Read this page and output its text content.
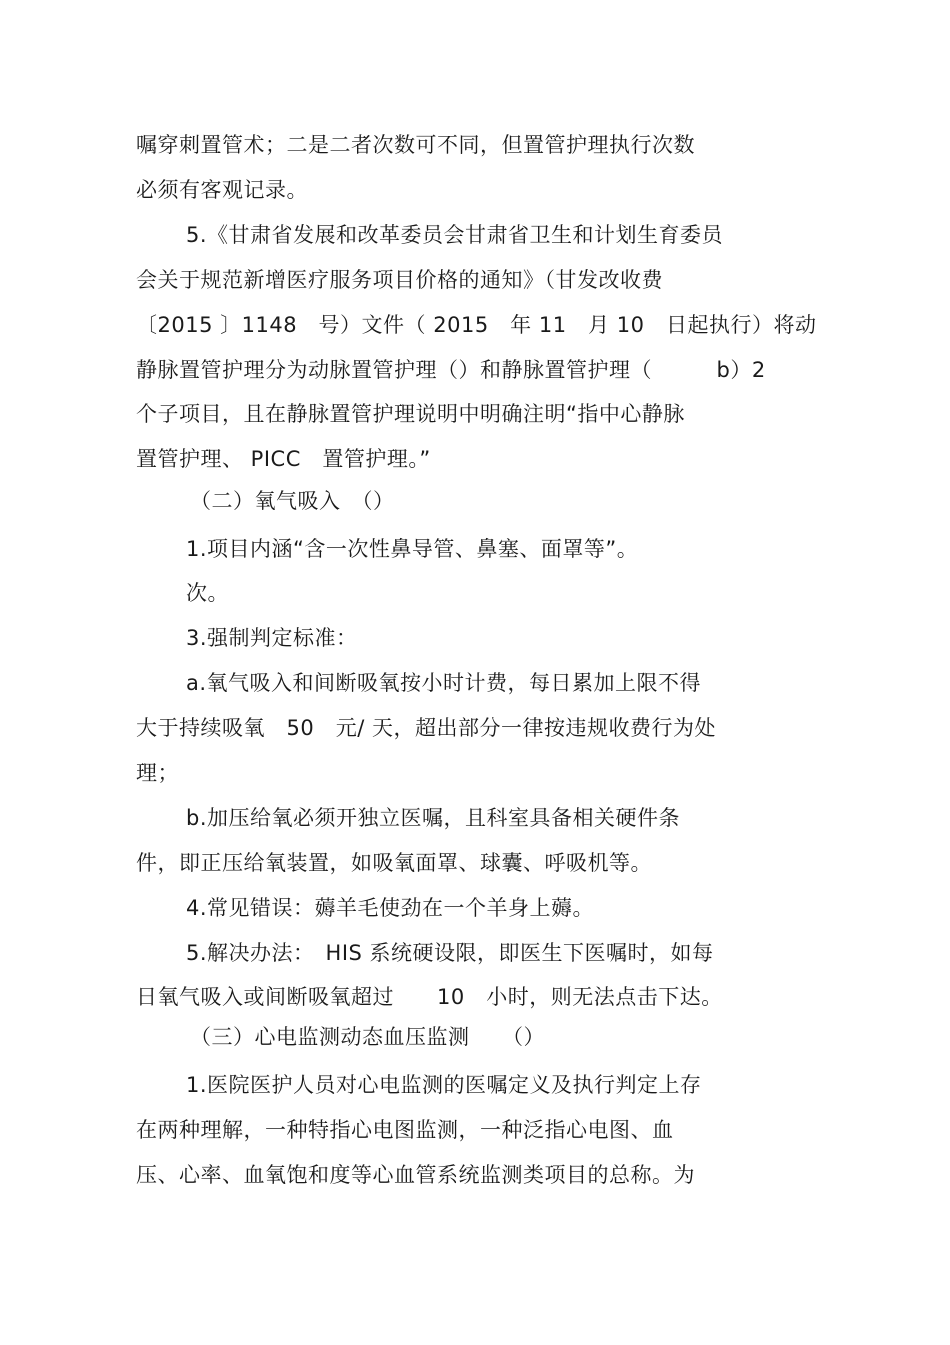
嘱穿刺置管术；二是二者次数可不同，但置管护理执行次数
必须有客观记录。
5.《甘肃省发展和改革委员会甘肃省卫生和计划生育委员
会关于规范新增医疗服务项目价格的通知》（甘发改收费
〔2015 〕1148　号）文件（ 2015　年 11　月 10　日起执行）将动
静脉置管护理分为动脉置管护理（）和静脉置管护理（　　　b）2
个子项目，且在静脉置管护理说明中明确注明“指中心静脉
置管护理、 PICC　置管护理。”
（二）氧气吸入　（）
1.项目内涵“含一次性鼻导管、鼻塞、面罩等”。
次。
3.强制判定标准：
a.氧气吸入和间断吸氧按小时计费，每日累加上限不得
大于持续吸氧　50　元/ 天，超出部分一律按违规收费行为处
理；
b.加压给氧必须开独立医嘱，且科室具备相关硬件条
件，即正压给氧装置，如吸氧面罩、球囊、呼吸机等。
4.常见错误：薅羊毛使劲在一个羊身上薅。
5.解决办法：　HIS 系统硬设限，即医生下医嘱时，如每
日氧气吸入或间断吸氧超过　　10　小时，则无法点击下达。
（三）心电监测动态血压监测　　（）
1.医院医护人员对心电监测的医嘱定义及执行判定上存
在两种理解，一种特指心电图监测，一种泛指心电图、血
压、心率、血氧饱和度等心血管系统监测类项目的总称。为
